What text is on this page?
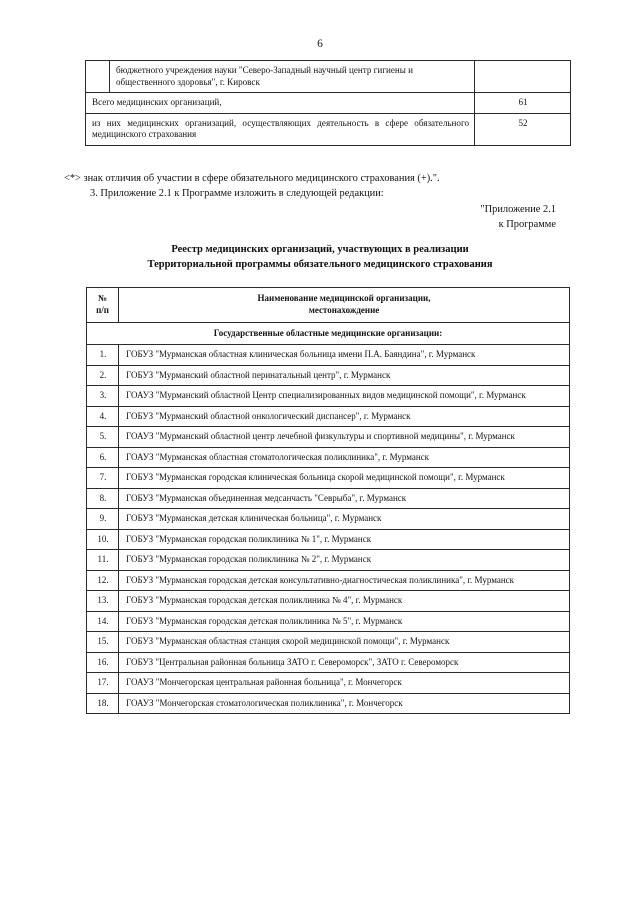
6
	бюджетного учреждения науки "Северо-Западный научный центр гигиены и общественного здоровья", г. Кировск	
Всего медицинских организаций,		61
из них медицинских организаций, осуществляющих деятельность в сфере обязательного медицинского страхования		52
<*> знак отличия об участии в сфере обязательного медицинского страхования (+).".
3. Приложение 2.1 к Программе изложить в следующей редакции:
"Приложение 2.1
к Программе
Реестр медицинских организаций, участвующих в реализации
Территориальной программы обязательного медицинского страхования
№
п/п

Наименование медицинской организации,
местонахождение

Государственные областные медицинские организации:	
1.	ГОБУЗ "Мурманская областная клиническая больница имени П.А. Баяндина", г. Мурманск
2.	ГОБУЗ "Мурманский областной перинатальный центр", г. Мурманск
3.	ГОАУЗ "Мурманский областной Центр специализированных видов медицинской помощи", г. Мурманск
4.	ГОБУЗ "Мурманский областной онкологический диспансер", г. Мурманск
5.	ГОАУЗ "Мурманский областной центр лечебной физкультуры и спортивной медицины", г. Мурманск
6.	ГОАУЗ "Мурманская областная стоматологическая поликлиника", г. Мурманск
7.	ГОБУЗ "Мурманская городская клиническая больница скорой медицинской помощи", г. Мурманск
8.	ГОБУЗ "Мурманская объединенная медсанчасть "Севрыба", г. Мурманск
9.	ГОБУЗ "Мурманская детская клиническая больница", г. Мурманск
10.	ГОБУЗ "Мурманская городская поликлиника № 1", г. Мурманск
11.	ГОБУЗ "Мурманская городская поликлиника № 2", г. Мурманск
12.	ГОБУЗ "Мурманская городская детская консультативно-диагностическая поликлиника", г. Мурманск
13.	ГОБУЗ "Мурманская городская детская поликлиника № 4", г. Мурманск
14.	ГОБУЗ "Мурманская городская детская поликлиника № 5", г. Мурманск
15.	ГОБУЗ "Мурманская областная станция скорой медицинской помощи", г. Мурманск
16.	ГОБУЗ "Центральная районная больница ЗАТО г. Североморск", ЗАТО г. Североморск
17.	ГОАУЗ "Мончегорская центральная районная больница", г. Мончегорск
18.	ГОАУЗ "Мончегорская стоматологическая поликлиника", г. Мончегорск
